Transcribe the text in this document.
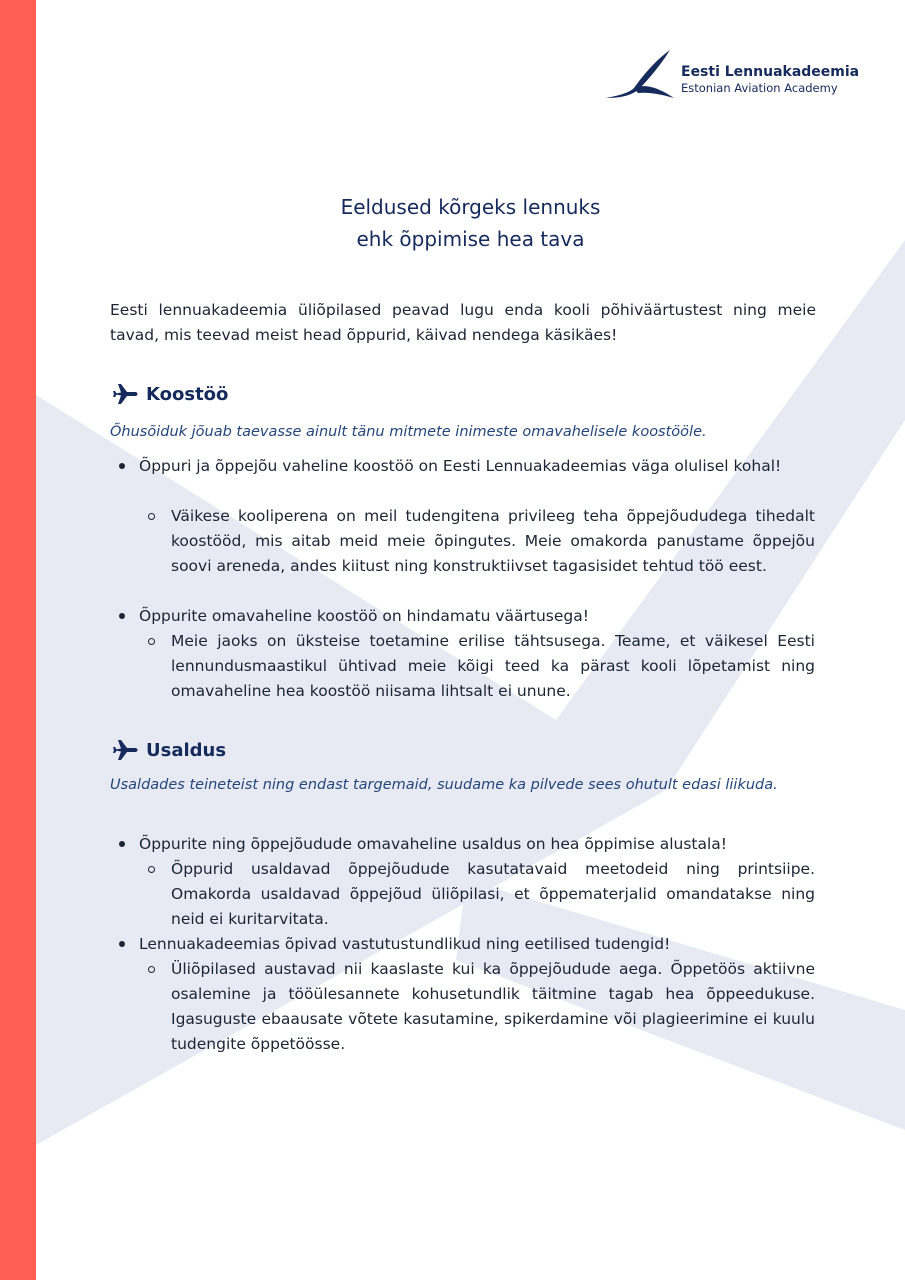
Eesti Lennuakadeemia
Estonian Aviation Academy
Eeldused kõrgeks lennuks
ehk õppimise hea tava
Eesti lennuakadeemia üliõpilased peavad lugu enda kooli põhiväärtustest ning meie tavad, mis teevad meist head õppurid, käivad nendega käsikäes!
Koostöö
Õhusõiduk jõuab taevasse ainult tänu mitmete inimeste omavahelisele koostööle.
Õppuri ja õppejõu vaheline koostöö on Eesti Lennuakadeemias väga olulisel kohal!
Väikese kooliperena on meil tudengitena privileeg teha õppejõududega tihedalt koostööd, mis aitab meid meie õpingutes. Meie omakorda panustame õppejõu soovi areneda, andes kiitust ning konstruktiivset tagasisidet tehtud töö eest.
Õppurite omavaheline koostöö on hindamatu väärtusega!
Meie jaoks on üksteise toetamine erilise tähtsusega. Teame, et väikesel Eesti lennundusmaastikul ühtivad meie kõigi teed ka pärast kooli lõpetamist ning omavaheline hea koostöö niisama lihtsalt ei unune.
Usaldus
Usaldades teineteist ning endast targemaid, suudame ka pilvede sees ohutult edasi liikuda.
Õppurite ning õppejõudude omavaheline usaldus on hea õppimise alustala!
Õppurid usaldavad õppejõudude kasutatavaid meetodeid ning printsiipe. Omakorda usaldavad õppejõud üliõpilasi, et õppematerjalid omandatakse ning neid ei kuritarvitata.
Lennuakadeemias õpivad vastutustundlikud ning eetilised tudengid!
Üliõpilased austavad nii kaaslaste kui ka õppejõudude aega. Õppetöös aktiivne osalemine ja tööülesannete kohusetundlik täitmine tagab hea õppeedukuse. Igasuguste ebaausate võtete kasutamine, spikerdamine või plagieerimine ei kuulu tudengite õppetöösse.
